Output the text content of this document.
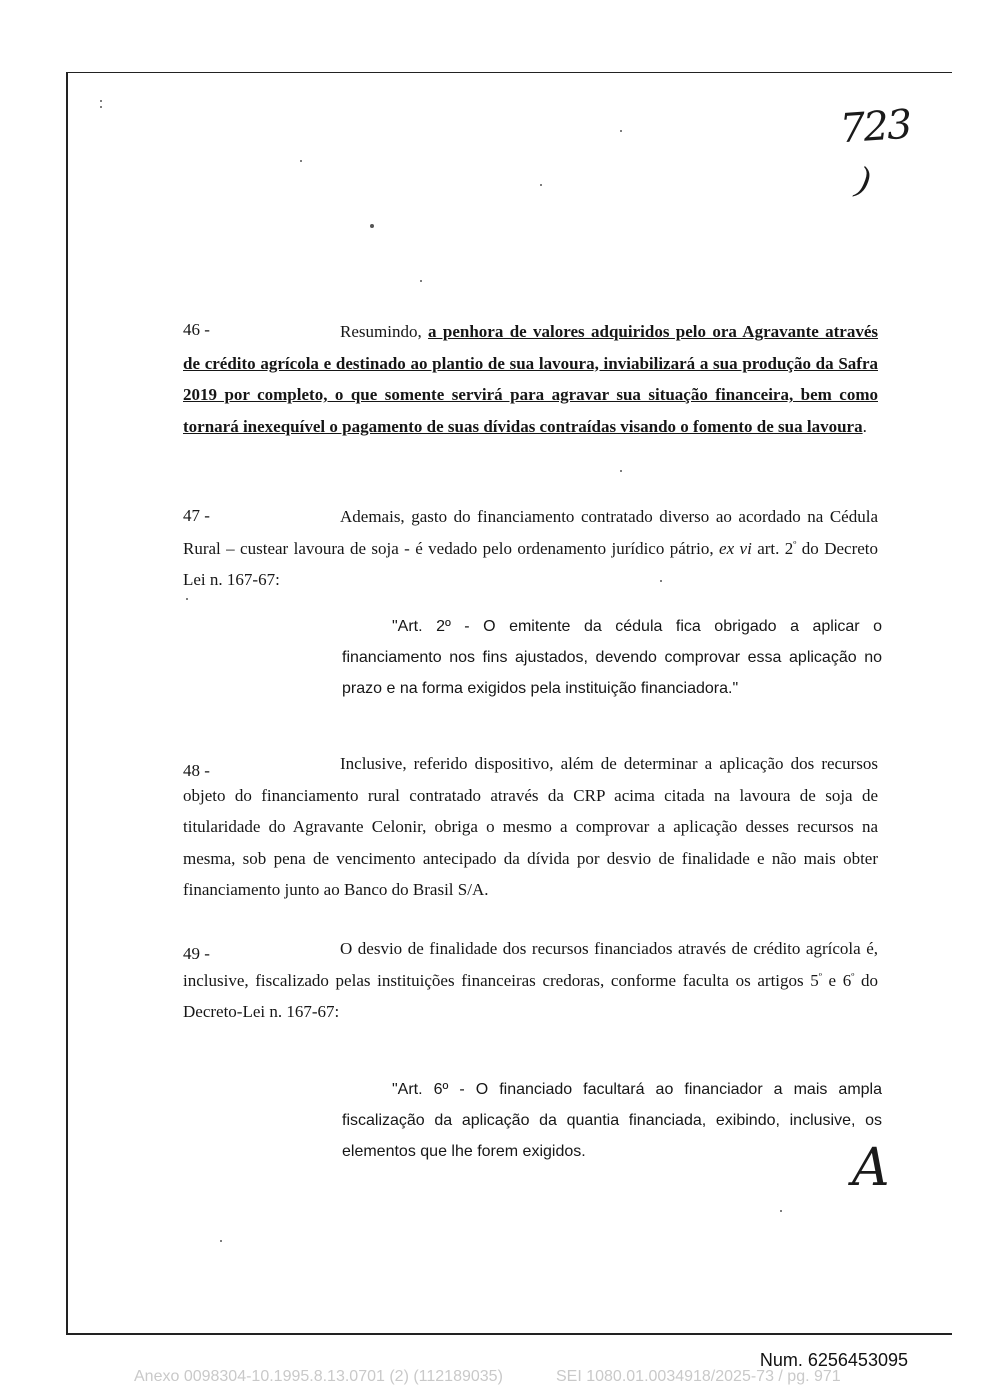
723
)
46 -	Resumindo, a penhora de valores adquiridos pelo ora Agravante através de crédito agrícola e destinado ao plantio de sua lavoura, inviabilizará a sua produção da Safra 2019 por completo, o que somente servirá para agravar sua situação financeira, bem como tornará inexequível o pagamento de suas dívidas contraídas visando o fomento de sua lavoura.

47 -	Ademais, gasto do financiamento contratado diverso ao acordado na Cédula Rural – custear lavoura de soja - é vedado pelo ordenamento jurídico pátrio, ex vi art. $2^º$ do Decreto Lei n. 167-67:

"Art. 2º - O emitente da cédula fica obrigado a aplicar o financiamento nos fins ajustados, devendo comprovar essa aplicação no prazo e na forma exigidos pela instituição financiadora."

48 -	Inclusive, referido dispositivo, além de determinar a aplicação dos recursos objeto do financiamento rural contratado através da CRP acima citada na lavoura de soja de titularidade do Agravante Celonir, obriga o mesmo a comprovar a aplicação desses recursos na mesma, sob pena de vencimento antecipado da dívida por desvio de finalidade e não mais obter financiamento junto ao Banco do Brasil S/A.

49 -	O desvio de finalidade dos recursos financiados através de crédito agrícola é, inclusive, fiscalizado pelas instituições financeiras credoras, conforme faculta os artigos $5^º$ e $6^º$ do Decreto-Lei n. 167-67:

"Art. 6º - O financiado facultará ao financiador a mais ampla fiscalização da aplicação da quantia financiada, exibindo, inclusive, os elementos que lhe forem exigidos.	A
Num. 6256453095
Anexo 0098304-10.1995.8.13.0701 (2) (112189035)	SEI 1080.01.0034918/2025-73 / pg. 971
